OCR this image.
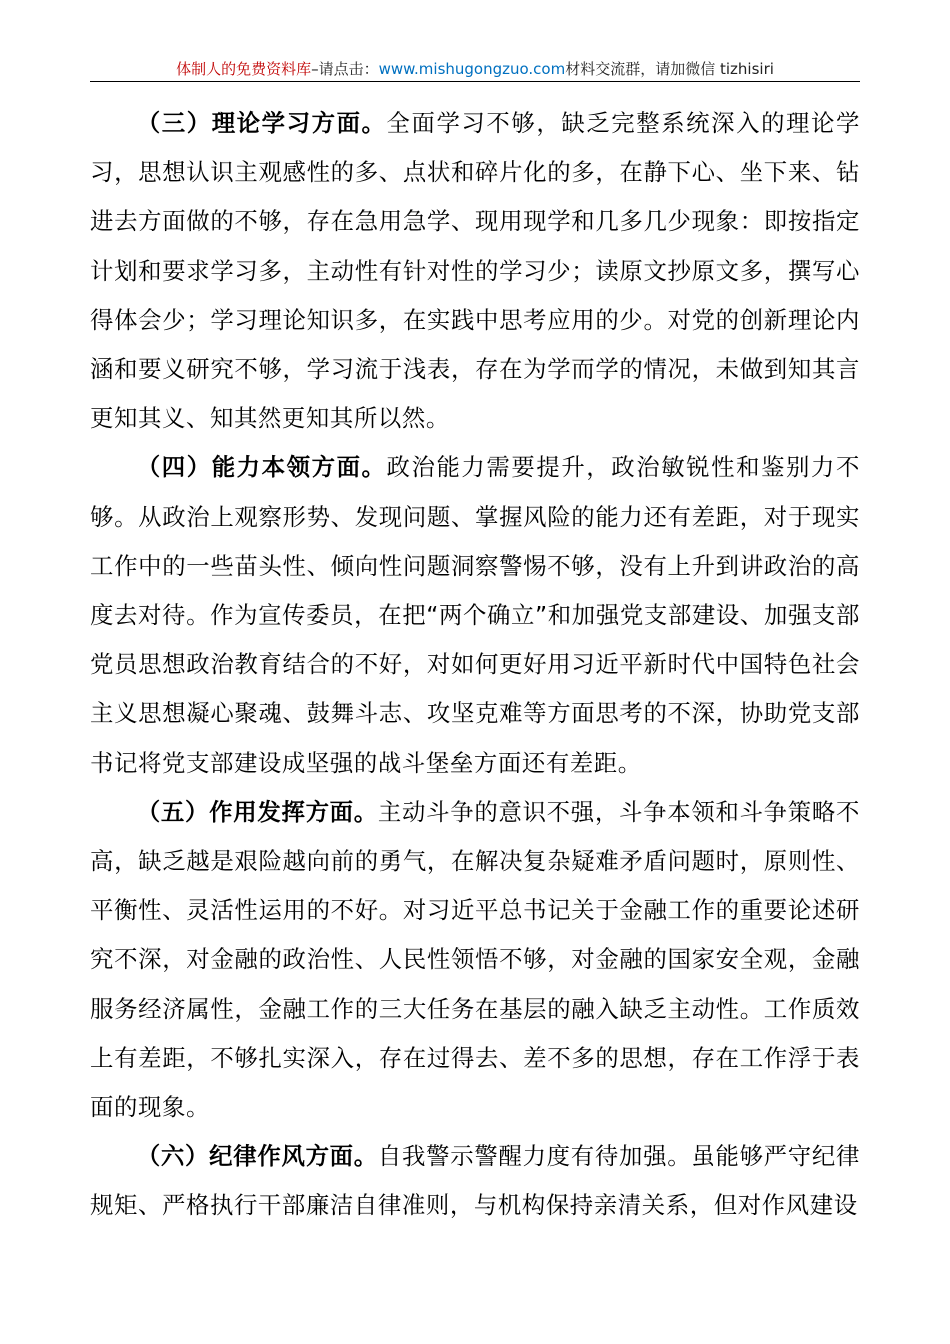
体制人的免费资料库–请点击：www.mishugongzuo.com材料交流群，请加微信 tizhisiri

（三）理论学习方面。全面学习不够，缺乏完整系统深入的理论学习，思想认识主观感性的多、点状和碎片化的多，在静下心、坐下来、钻进去方面做的不够，存在急用急学、现用现学和几多几少现象：即按指定计划和要求学习多，主动性有针对性的学习少；读原文抄原文多，撰写心得体会少；学习理论知识多，在实践中思考应用的少。对党的创新理论内涵和要义研究不够，学习流于浅表，存在为学而学的情况，未做到知其言更知其义、知其然更知其所以然。

（四）能力本领方面。政治能力需要提升，政治敏锐性和鉴别力不够。从政治上观察形势、发现问题、掌握风险的能力还有差距，对于现实工作中的一些苗头性、倾向性问题洞察警惕不够，没有上升到讲政治的高度去对待。作为宣传委员，在把“两个确立”和加强党支部建设、加强支部党员思想政治教育结合的不好，对如何更好用习近平新时代中国特色社会主义思想凝心聚魂、鼓舞斗志、攻坚克难等方面思考的不深，协助党支部书记将党支部建设成坚强的战斗堡垒方面还有差距。

（五）作用发挥方面。主动斗争的意识不强，斗争本领和斗争策略不高，缺乏越是艰险越向前的勇气，在解决复杂疑难矛盾问题时，原则性、平衡性、灵活性运用的不好。对习近平总书记关于金融工作的重要论述研究不深，对金融的政治性、人民性领悟不够，对金融的国家安全观，金融服务经济属性，金融工作的三大任务在基层的融入缺乏主动性。工作质效上有差距，不够扎实深入，存在过得去、差不多的思想，存在工作浮于表面的现象。

（六）纪律作风方面。自我警示警醒力度有待加强。虽能够严守纪律规矩、严格执行干部廉洁自律准则，与机构保持亲清关系，但对作风建设
